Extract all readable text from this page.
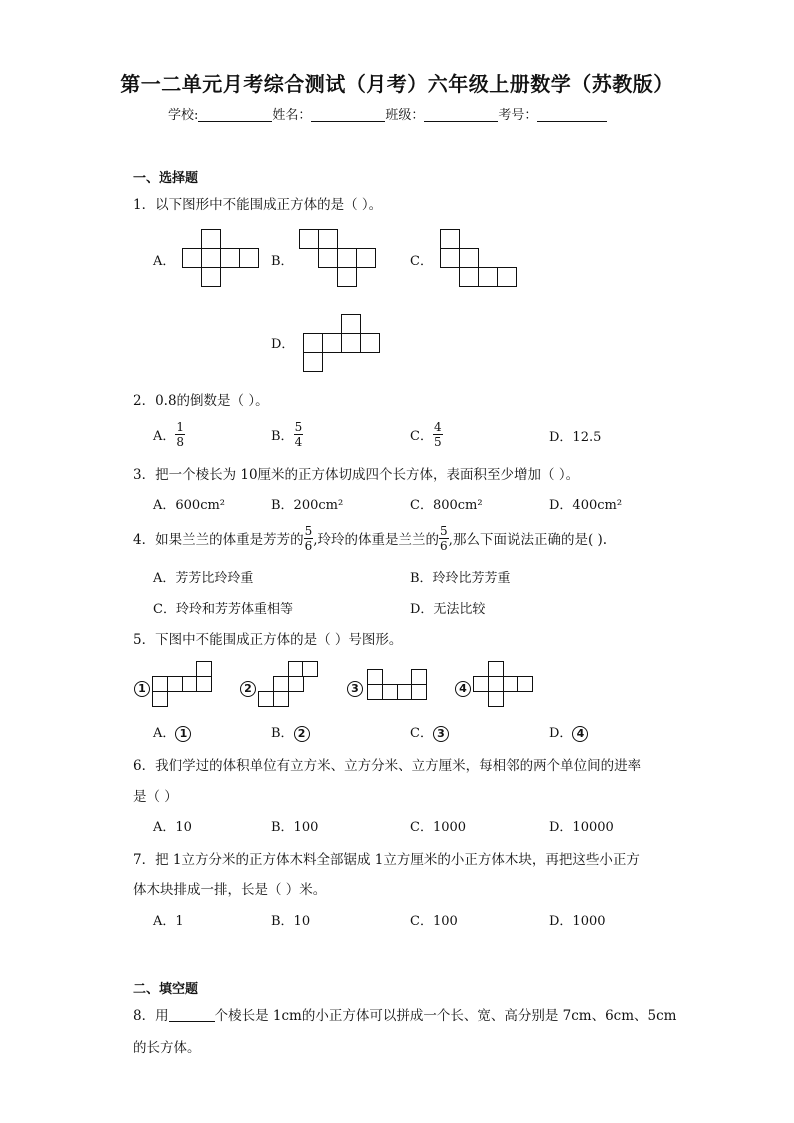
第一二单元月考综合测试（月考）六年级上册数学（苏教版）
学校:	姓名：	班级：	考号：
一、选择题
1．以下图形中不能围成正方体的是（ ）。
A．	B．	C．
D．
2．0.8的倒数是（ ）。
A． $\frac{1}{8}$	B． $\frac{5}{4}$	C． $\frac{4}{5}$	D．12.5
3．把一个棱长为 10厘米的正方体切成四个长方体，表面积至少增加（ ）。
A．600cm²	B．200cm²	C．800cm²	D．400cm²
4．如果兰兰的体重是芳芳的 $\frac{5}{6}$ ,玲玲的体重是兰兰的 $\frac{5}{6}$ ,那么下面说法正确的是( ).
A．芳芳比玲玲重	B．玲玲比芳芳重
C．玲玲和芳芳体重相等	D．无法比较
5．下图中不能围成正方体的是（ ）号图形。
1	2	3	4
A． 1	B． 2	C． 3	D． 4
6．我们学过的体积单位有立方米、立方分米、立方厘米，每相邻的两个单位间的进率
是（ ）
A．10	B．100	C．1000	D．10000
7．把 1立方分米的正方体木料全部锯成 1立方厘米的小正方体木块，再把这些小正方
体木块排成一排，长是（ ）米。
A．1	B．10	C．100	D．1000
二、填空题
8．用	个棱长是 1cm的小正方体可以拼成一个长、宽、高分别是 7cm、6cm、5cm
的长方体。
